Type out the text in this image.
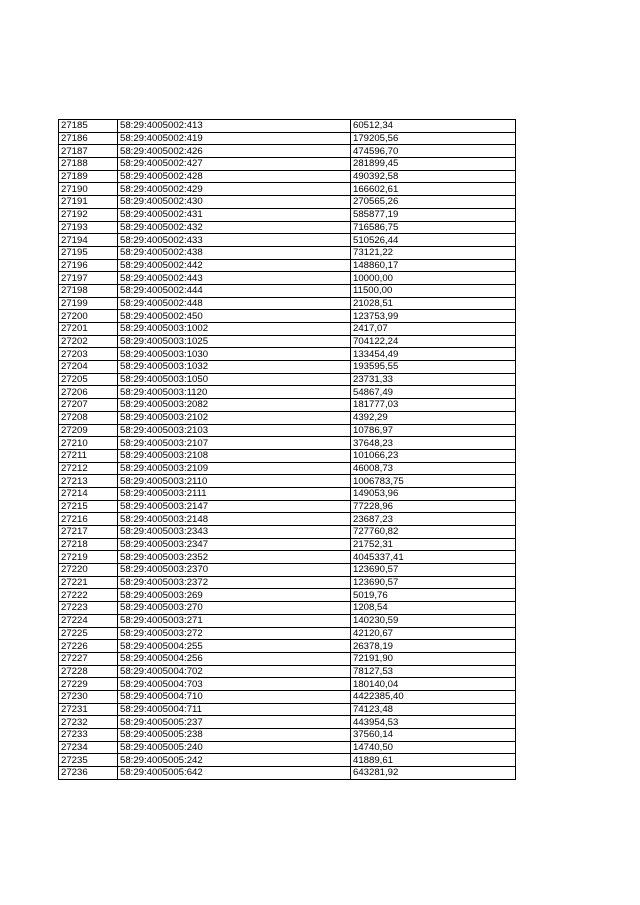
27185	58:29:4005002:413	60512,34
27186	58:29:4005002:419	179205,56
27187	58:29:4005002:426	474596,70
27188	58:29:4005002:427	281899,45
27189	58:29:4005002:428	490392,58
27190	58:29:4005002:429	166602,61
27191	58:29:4005002:430	270565,26
27192	58:29:4005002:431	585877,19
27193	58:29:4005002:432	716586,75
27194	58:29:4005002:433	510526,44
27195	58:29:4005002:438	73121,22
27196	58:29:4005002:442	148860,17
27197	58:29:4005002:443	10000,00
27198	58:29:4005002:444	11500,00
27199	58:29:4005002:448	21028,51
27200	58:29:4005002:450	123753,99
27201	58:29:4005003:1002	2417,07
27202	58:29:4005003:1025	704122,24
27203	58:29:4005003:1030	133454,49
27204	58:29:4005003:1032	193595,55
27205	58:29:4005003:1050	23731,33
27206	58:29:4005003:1120	54867,49
27207	58:29:4005003:2082	181777,03
27208	58:29:4005003:2102	4392,29
27209	58:29:4005003:2103	10786,97
27210	58:29:4005003:2107	37648,23
27211	58:29:4005003:2108	101066,23
27212	58:29:4005003:2109	46008,73
27213	58:29:4005003:2110	1006783,75
27214	58:29:4005003:2111	149053,96
27215	58:29:4005003:2147	77228,96
27216	58:29:4005003:2148	23687,23
27217	58:29:4005003:2343	727760,82
27218	58:29:4005003:2347	21752,31
27219	58:29:4005003:2352	4045337,41
27220	58:29:4005003:2370	123690,57
27221	58:29:4005003:2372	123690,57
27222	58:29:4005003:269	5019,76
27223	58:29:4005003:270	1208,54
27224	58:29:4005003:271	140230,59
27225	58:29:4005003:272	42120,67
27226	58:29:4005004:255	26378,19
27227	58:29:4005004:256	72191,90
27228	58:29:4005004:702	78127,53
27229	58:29:4005004:703	180140,04
27230	58:29:4005004:710	4422385,40
27231	58:29:4005004:711	74123,48
27232	58:29:4005005:237	443954,53
27233	58:29:4005005:238	37560,14
27234	58:29:4005005:240	14740,50
27235	58:29:4005005:242	41889,61
27236	58:29:4005005:642	643281,92
